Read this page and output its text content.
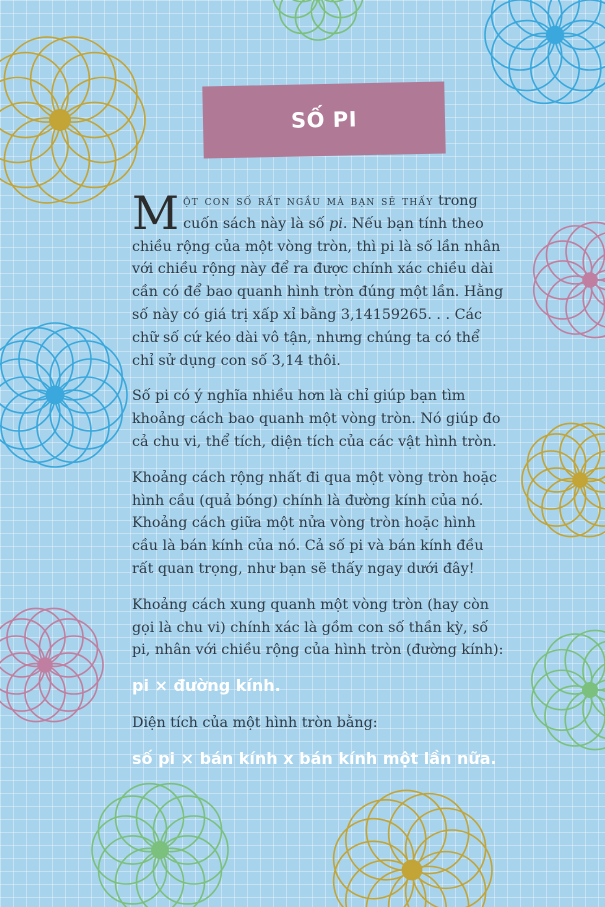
SỐ PI

Một con số rất ngầu mà bạn sẽ thấy trong cuốn sách này là số pi. Nếu bạn tính theo chiều rộng của một vòng tròn, thì pi là số lần nhân với chiều rộng này để ra được chính xác chiều dài cần có để bao quanh hình tròn đúng một lần. Hằng số này có giá trị xấp xỉ bằng 3,14159265. . . Các chữ số cứ kéo dài vô tận, nhưng chúng ta có thể chỉ sử dụng con số 3,14 thôi.

Số pi có ý nghĩa nhiều hơn là chỉ giúp bạn tìm khoảng cách bao quanh một vòng tròn. Nó giúp đo cả chu vi, thể tích, diện tích của các vật hình tròn.

Khoảng cách rộng nhất đi qua một vòng tròn hoặc hình cầu (quả bóng) chính là đường kính của nó. Khoảng cách giữa một nửa vòng tròn hoặc hình cầu là bán kính của nó. Cả số pi và bán kính đều rất quan trọng, như bạn sẽ thấy ngay dưới đây!

Khoảng cách xung quanh một vòng tròn (hay còn gọi là chu vi) chính xác là gồm con số thần kỳ, số pi, nhân với chiều rộng của hình tròn (đường kính):

pi × đường kính.

Diện tích của một hình tròn bằng:

số pi × bán kính x bán kính một lần nữa.
